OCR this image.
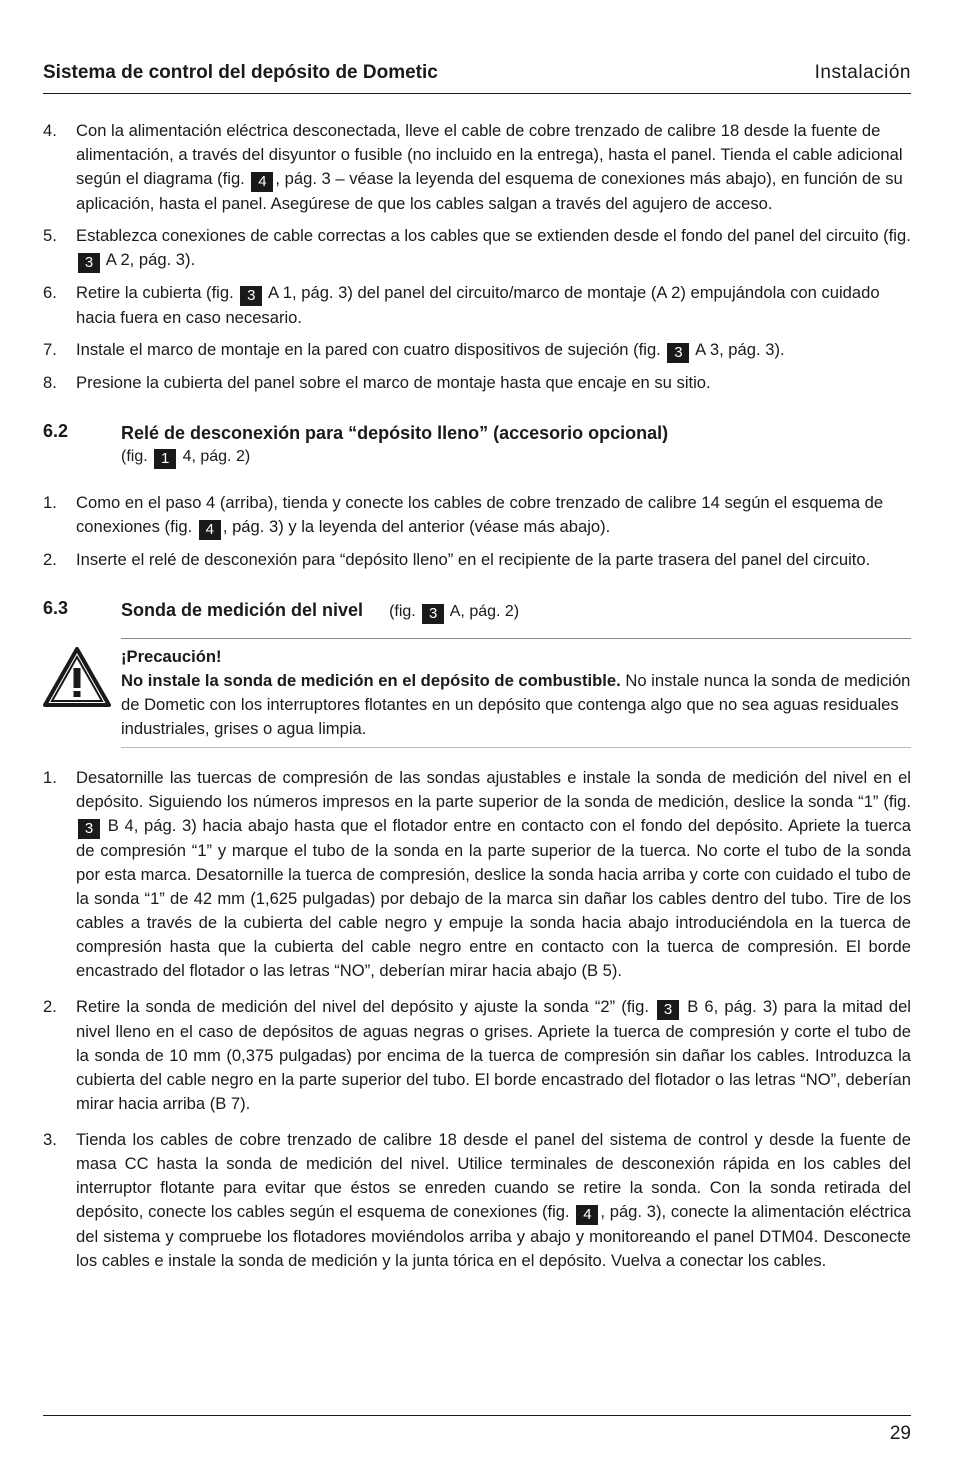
Sistema de control del depósito de Dometic	Instalación
4. Con la alimentación eléctrica desconectada, lleve el cable de cobre trenzado de calibre 18 desde la fuente de alimentación, a través del disyuntor o fusible (no incluido en la entrega), hasta el panel. Tienda el cable adicional según el diagrama (fig. 4 , pág. 3 – véase la leyenda del esquema de conexiones más abajo), en función de su aplicación, hasta el panel. Asegúrese de que los cables salgan a través del agujero de acceso.
5. Establezca conexiones de cable correctas a los cables que se extienden desde el fondo del panel del circuito (fig. 3 A 2, pág. 3).
6. Retire la cubierta (fig. 3 A 1, pág. 3) del panel del circuito/marco de montaje (A 2) empujándola con cuidado hacia fuera en caso necesario.
7. Instale el marco de montaje en la pared con cuatro dispositivos de sujeción (fig. 3 A 3, pág. 3).
8. Presione la cubierta del panel sobre el marco de montaje hasta que encaje en su sitio.
6.2	Relé de desconexión para “depósito lleno” (accesorio opcional)
(fig. 1 4, pág. 2)
1. Como en el paso 4 (arriba), tienda y conecte los cables de cobre trenzado de calibre 14 según el esquema de conexiones (fig. 4 , pág. 3) y la leyenda del anterior (véase más abajo).
2. Inserte el relé de desconexión para “depósito lleno” en el recipiente de la parte trasera del panel del circuito.
6.3	Sonda de medición del nivel (fig. 3 A, pág. 2)
¡Precaución!
No instale la sonda de medición en el depósito de combustible. No instale nunca la sonda de medición de Dometic con los interruptores flotantes en un depósito que contenga algo que no sea aguas residuales industriales, grises o agua limpia.
1. Desatornille las tuercas de compresión de las sondas ajustables e instale la sonda de medición del nivel en el depósito. Siguiendo los números impresos en la parte superior de la sonda de medición, deslice la sonda “1” (fig. 3 B 4, pág. 3) hacia abajo hasta que el flotador entre en contacto con el fondo del depósito. Apriete la tuerca de compresión “1” y marque el tubo de la sonda en la parte superior de la tuerca. No corte el tubo de la sonda por esta marca. Desatornille la tuerca de compresión, deslice la sonda hacia arriba y corte con cuidado el tubo de la sonda “1” de 42 mm (1,625 pulgadas) por debajo de la marca sin dañar los cables dentro del tubo. Tire de los cables a través de la cubierta del cable negro y empuje la sonda hacia abajo introduciéndola en la tuerca de compresión hasta que la cubierta del cable negro entre en contacto con la tuerca de compresión. El borde encastrado del flotador o las letras “NO”, deberían mirar hacia abajo (B 5).
2. Retire la sonda de medición del nivel del depósito y ajuste la sonda “2” (fig. 3 B 6, pág. 3) para la mitad del nivel lleno en el caso de depósitos de aguas negras o grises. Apriete la tuerca de compresión y corte el tubo de la sonda de 10 mm (0,375 pulgadas) por encima de la tuerca de compresión sin dañar los cables. Introduzca la cubierta del cable negro en la parte superior del tubo. El borde encastrado del flotador o las letras “NO”, deberían mirar hacia arriba (B 7).
3. Tienda los cables de cobre trenzado de calibre 18 desde el panel del sistema de control y desde la fuente de masa CC hasta la sonda de medición del nivel. Utilice terminales de desconexión rápida en los cables del interruptor flotante para evitar que éstos se enreden cuando se retire la sonda. Con la sonda retirada del depósito, conecte los cables según el esquema de conexiones (fig. 4 , pág. 3), conecte la alimentación eléctrica del sistema y compruebe los flotadores moviéndolos arriba y abajo y monitoreando el panel DTM04. Desconecte los cables e instale la sonda de medición y la junta tórica en el depósito. Vuelva a conectar los cables.
29
